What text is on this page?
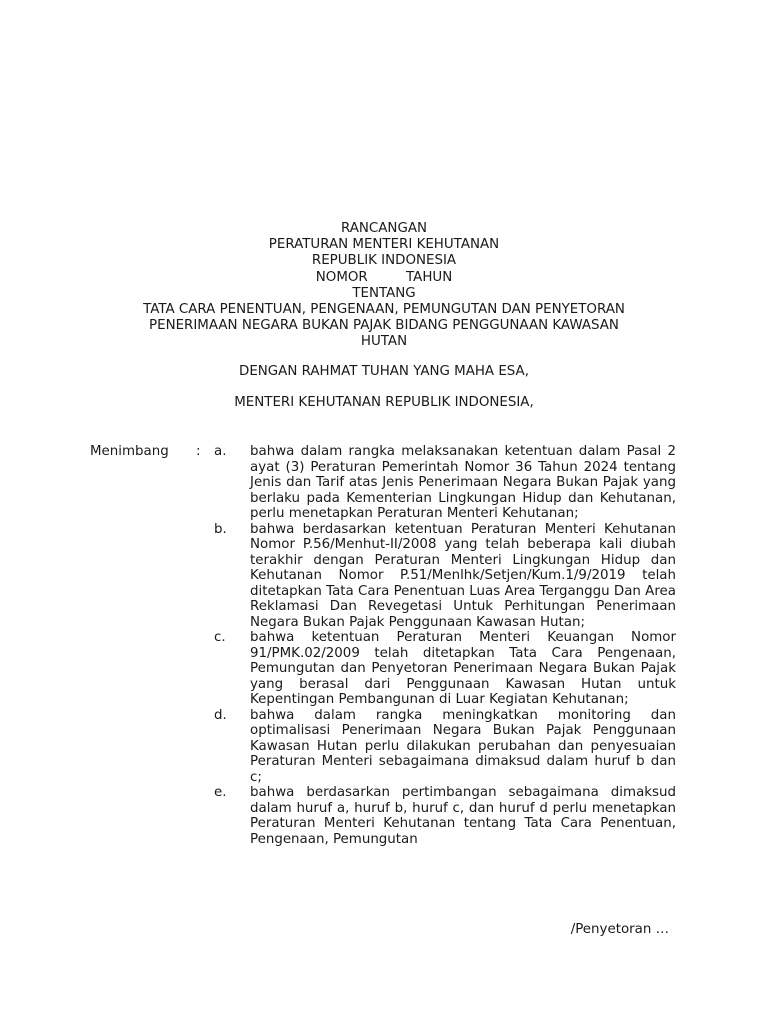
RANCANGAN
PERATURAN MENTERI KEHUTANAN
REPUBLIK INDONESIA
NOMOR         TAHUN
TENTANG
TATA CARA PENENTUAN, PENGENAAN, PEMUNGUTAN DAN PENYETORAN
PENERIMAAN NEGARA BUKAN PAJAK BIDANG PENGGUNAAN KAWASAN
HUTAN
DENGAN RAHMAT TUHAN YANG MAHA ESA,
MENTERI KEHUTANAN REPUBLIK INDONESIA,
Menimbang : a.	bahwa dalam rangka melaksanakan ketentuan dalam Pasal 2 ayat (3) Peraturan Pemerintah Nomor 36 Tahun 2024 tentang Jenis dan Tarif atas Jenis Penerimaan Negara Bukan Pajak yang berlaku pada Kementerian Lingkungan Hidup dan Kehutanan, perlu menetapkan Peraturan Menteri Kehutanan;
b.	bahwa berdasarkan ketentuan Peraturan Menteri Kehutanan Nomor P.56/Menhut-II/2008 yang telah beberapa kali diubah terakhir dengan Peraturan Menteri Lingkungan Hidup dan Kehutanan Nomor P.51/Menlhk/Setjen/Kum.1/9/2019 telah ditetapkan Tata Cara Penentuan Luas Area Terganggu Dan Area Reklamasi Dan Revegetasi Untuk Perhitungan Penerimaan Negara Bukan Pajak Penggunaan Kawasan Hutan;
c.	bahwa ketentuan Peraturan Menteri Keuangan Nomor 91/PMK.02/2009 telah ditetapkan Tata Cara Pengenaan, Pemungutan dan Penyetoran Penerimaan Negara Bukan Pajak yang berasal dari Penggunaan Kawasan Hutan untuk Kepentingan Pembangunan di Luar Kegiatan Kehutanan;
d.	bahwa dalam rangka meningkatkan monitoring dan optimalisasi Penerimaan Negara Bukan Pajak Penggunaan Kawasan Hutan perlu dilakukan perubahan dan penyesuaian Peraturan Menteri sebagaimana dimaksud dalam huruf b dan c;
e.	bahwa berdasarkan pertimbangan sebagaimana dimaksud dalam huruf a, huruf b, huruf c, dan huruf d perlu menetapkan Peraturan Menteri Kehutanan tentang Tata Cara Penentuan, Pengenaan, Pemungutan
/Penyetoran …
